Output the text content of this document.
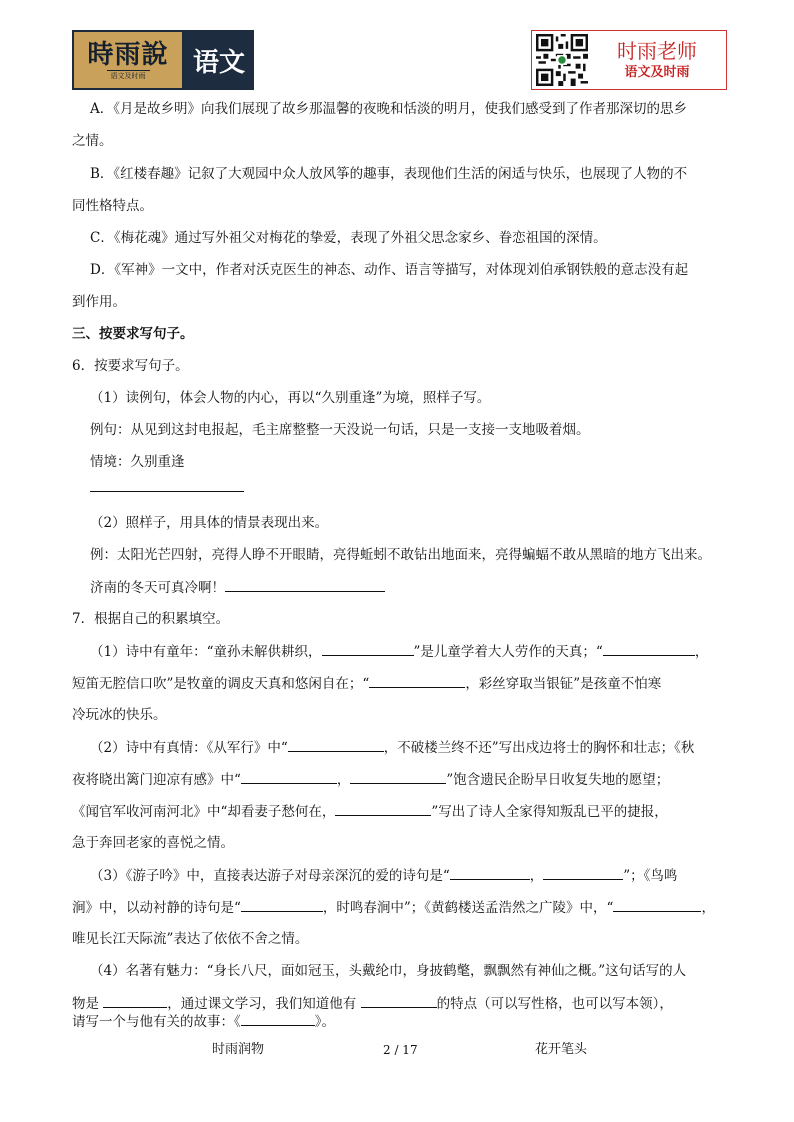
時雨說
语文及时雨	语文	时雨老师
语文及时雨
A．《月是故乡明》向我们展现了故乡那温馨的夜晚和恬淡的明月，使我们感受到了作者那深切的思乡
之情。
B．《红楼春趣》记叙了大观园中众人放风筝的趣事，表现他们生活的闲适与快乐，也展现了人物的不
同性格特点。
C．《梅花魂》通过写外祖父对梅花的挚爱，表现了外祖父思念家乡、眷恋祖国的深情。
D．《军神》一文中，作者对沃克医生的神态、动作、语言等描写，对体现刘伯承钢铁般的意志没有起
到作用。
三、按要求写句子。
6．按要求写句子。
（1）读例句，体会人物的内心，再以“久别重逢”为境，照样子写。
例句：从见到这封电报起，毛主席整整一天没说一句话，只是一支接一支地吸着烟。
情境：久别重逢
（2）照样子，用具体的情景表现出来。
例：太阳光芒四射，亮得人睁不开眼睛，亮得蚯蚓不敢钻出地面来，亮得蝙蝠不敢从黑暗的地方飞出来。
济南的冬天可真冷啊！
7．根据自己的积累填空。
（1）诗中有童年：“童孙未解供耕织，	”是儿童学着大人劳作的天真；“	，
短笛无腔信口吹”是牧童的调皮天真和悠闲自在；“	，彩丝穿取当银钲”是孩童不怕寒
冷玩冰的快乐。
（2）诗中有真情：《从军行》中“	，不破楼兰终不还”写出戍边将士的胸怀和壮志；《秋
夜将晓出篱门迎凉有感》中“	，	”饱含遗民企盼早日收复失地的愿望；
《闻官军收河南河北》中“却看妻子愁何在，	”写出了诗人全家得知叛乱已平的捷报，
急于奔回老家的喜悦之情。
（3）《游子吟》中，直接表达游子对母亲深沉的爱的诗句是“	，	”；《鸟鸣
涧》中，以动衬静的诗句是“	，时鸣春涧中”；《黄鹤楼送孟浩然之广陵》中，“	，
唯见长江天际流”表达了依依不舍之情。
（4）名著有魅力：“身长八尺，面如冠玉，头戴纶巾，身披鹤氅，飘飘然有神仙之概。”这句话写的人
物是	，通过课文学习，我们知道他有	的特点（可以写性格，也可以写本领），
请写一个与他有关的故事：《	》。
时雨润物	2 / 17	花开笔头
